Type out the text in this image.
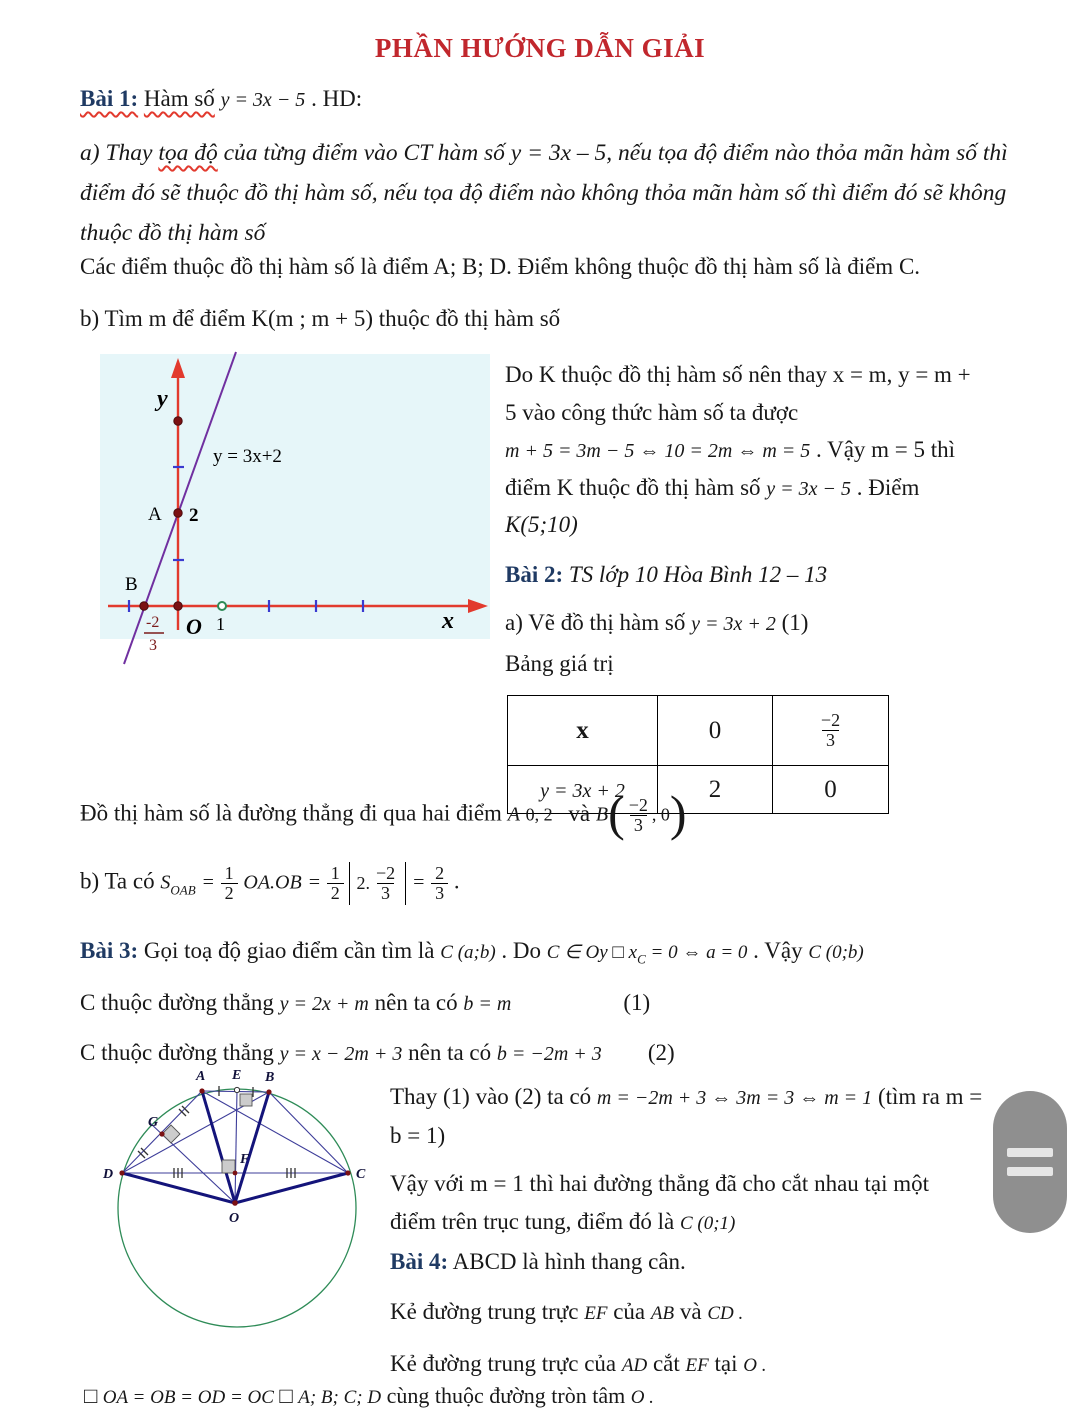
PHẦN HƯỚNG DẪN GIẢI
Bài 1: Hàm số y = 3x − 5 . HD:
a) Thay tọa độ của từng điểm vào CT hàm số y = 3x – 5, nếu tọa độ điểm nào thỏa mãn hàm số thì điểm đó sẽ thuộc đồ thị hàm số, nếu tọa độ điểm nào không thỏa mãn hàm số thì điểm đó sẽ không thuộc đồ thị hàm số
Các điểm thuộc đồ thị hàm số là điểm A; B; D. Điểm không thuộc đồ thị hàm số là điểm C.
b) Tìm m để điểm K(m ; m + 5) thuộc đồ thị hàm số
y
x
O
y = 3x+2
A 2
B
1
-2
3

Do K thuộc đồ thị hàm số nên thay x = m, y = m +

5 vào công thức hàm số ta được

m + 5 = 3m − 5 ⇔ 10 = 2m ⇔ m = 5 . Vậy m = 5 thì

điểm K thuộc đồ thị hàm số y = 3x − 5 . Điểm

K(5;10)

Bài 2: TS lớp 10 Hòa Bình 12 – 13

a) Vẽ đồ thị hàm số y = 3x + 2 (1)

Bảng giá trị

x	0	$\frac{-2}{3}$

y = 3x + 2	2	0
Đồ thị hàm số là đường thẳng đi qua hai điểm A 0, 2 và $B( \frac{-2}{3}$ , 0)
b) Ta có $S_{OAB} = \frac{1}{2} OA.OB = \frac{1}{2}$
2. $\frac{-2}{3} = \frac{2}{3}$ .
Bài 3: Gọi toạ độ giao điểm cần tìm là C (a;b) . Do C ∈ Oy □ $x_C = 0$ ⇔ a = 0 . Vậy C (0;b)
C thuộc đường thẳng y = 2x + m nên ta có b = m	(1)
C thuộc đường thẳng y = x − 2m + 3 nên ta có b = −2m + 3 (2)
A E B
G
D	C
F
O

Thay (1) vào (2) ta có m = −2m + 3 ⇔ 3m = 3 ⇔ m = 1 (tìm ra m =

b = 1)

Vậy với m = 1 thì hai đường thẳng đã cho cắt nhau tại một

điểm trên trục tung, điểm đó là C (0;1)

Bài 4: ABCD là hình thang cân.

Kẻ đường trung trực EF của AB và CD .

Kẻ đường trung trực của AD cắt EF tại O .

□ OA = OB = OD = OC □ A; B; C; D cùng thuộc đường tròn tâm O .
